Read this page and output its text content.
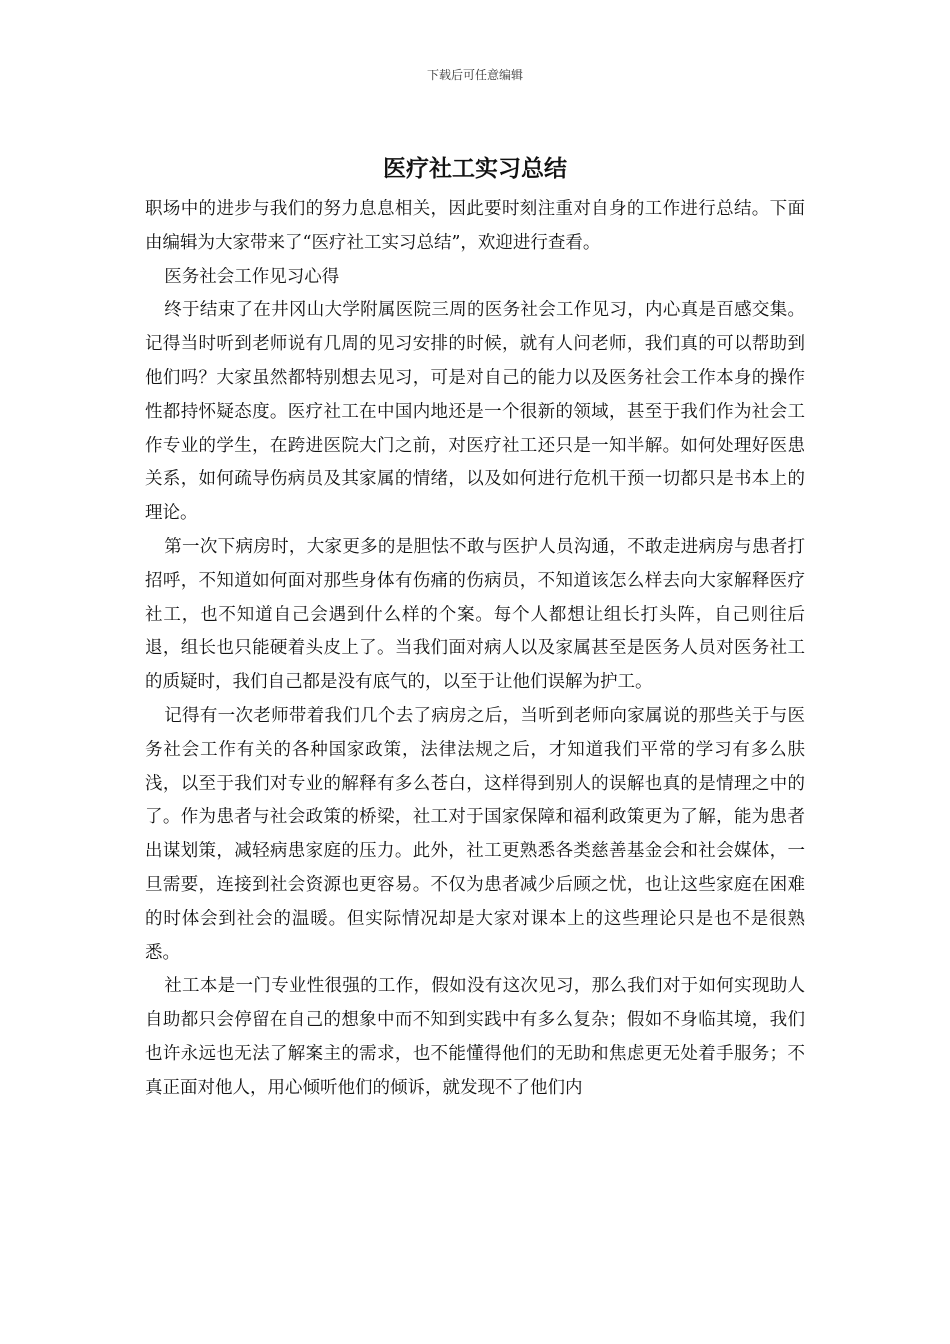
下载后可任意编辑
医疗社工实习总结

职场中的进步与我们的努力息息相关，因此要时刻注重对自身的工作进行总结。下面由编辑为大家带来了“医疗社工实习总结”，欢迎进行查看。

医务社会工作见习心得

终于结束了在井冈山大学附属医院三周的医务社会工作见习，内心真是百感交集。记得当时听到老师说有几周的见习安排的时候，就有人问老师，我们真的可以帮助到他们吗？大家虽然都特别想去见习，可是对自己的能力以及医务社会工作本身的操作性都持怀疑态度。医疗社工在中国内地还是一个很新的领域，甚至于我们作为社会工作专业的学生，在跨进医院大门之前，对医疗社工还只是一知半解。如何处理好医患关系，如何疏导伤病员及其家属的情绪，以及如何进行危机干预一切都只是书本上的理论。

第一次下病房时，大家更多的是胆怯不敢与医护人员沟通，不敢走进病房与患者打招呼，不知道如何面对那些身体有伤痛的伤病员，不知道该怎么样去向大家解释医疗社工，也不知道自己会遇到什么样的个案。每个人都想让组长打头阵，自己则往后退，组长也只能硬着头皮上了。当我们面对病人以及家属甚至是医务人员对医务社工的质疑时，我们自己都是没有底气的，以至于让他们误解为护工。

记得有一次老师带着我们几个去了病房之后，当听到老师向家属说的那些关于与医务社会工作有关的各种国家政策，法律法规之后，才知道我们平常的学习有多么肤浅，以至于我们对专业的解释有多么苍白，这样得到别人的误解也真的是情理之中的了。作为患者与社会政策的桥梁，社工对于国家保障和福利政策更为了解，能为患者出谋划策，减轻病患家庭的压力。此外，社工更熟悉各类慈善基金会和社会媒体，一旦需要，连接到社会资源也更容易。不仅为患者减少后顾之忧，也让这些家庭在困难的时体会到社会的温暖。但实际情况却是大家对课本上的这些理论只是也不是很熟悉。

社工本是一门专业性很强的工作，假如没有这次见习，那么我们对于如何实现助人自助都只会停留在自己的想象中而不知到实践中有多么复杂；假如不身临其境，我们也许永远也无法了解案主的需求，也不能懂得他们的无助和焦虑更无处着手服务；不真正面对他人，用心倾听他们的倾诉，就发现不了他们内
